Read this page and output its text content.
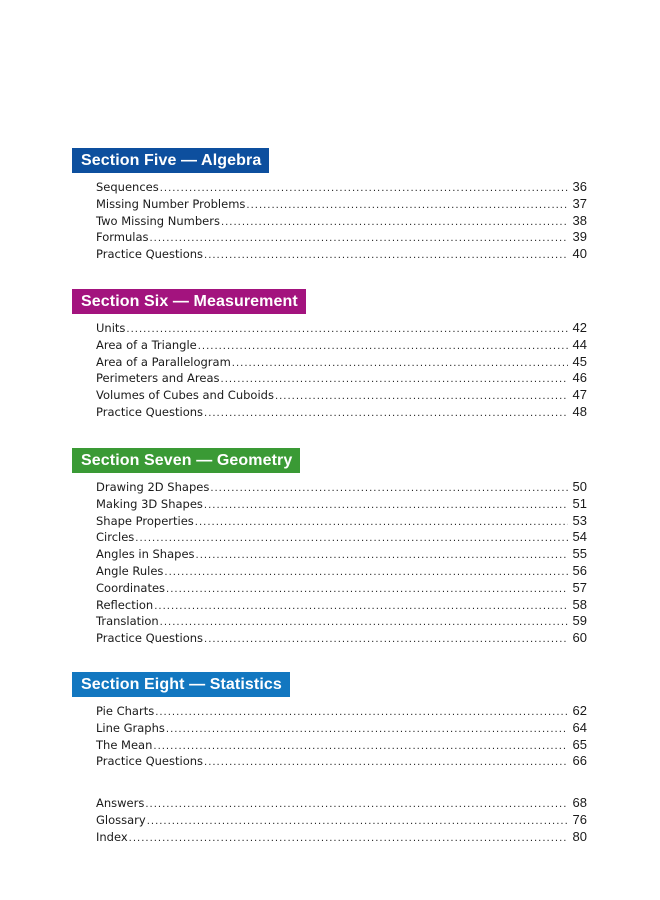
Section Five — Algebra
Sequences .....	36
Missing Number Problems .....	37
Two Missing Numbers .....	38
Formulas .....	39
Practice Questions .....	40
Section Six — Measurement
Units .....	42
Area of a Triangle .....	44
Area of a Parallelogram .....	45
Perimeters and Areas .....	46
Volumes of Cubes and Cuboids .....	47
Practice Questions .....	48
Section Seven — Geometry
Drawing 2D Shapes .....	50
Making 3D Shapes .....	51
Shape Properties .....	53
Circles .....	54
Angles in Shapes .....	55
Angle Rules .....	56
Coordinates .....	57
Reflection .....	58
Translation .....	59
Practice Questions .....	60
Section Eight — Statistics
Pie Charts .....	62
Line Graphs .....	64
The Mean .....	65
Practice Questions .....	66
Answers .....	68
Glossary .....	76
Index .....	80
